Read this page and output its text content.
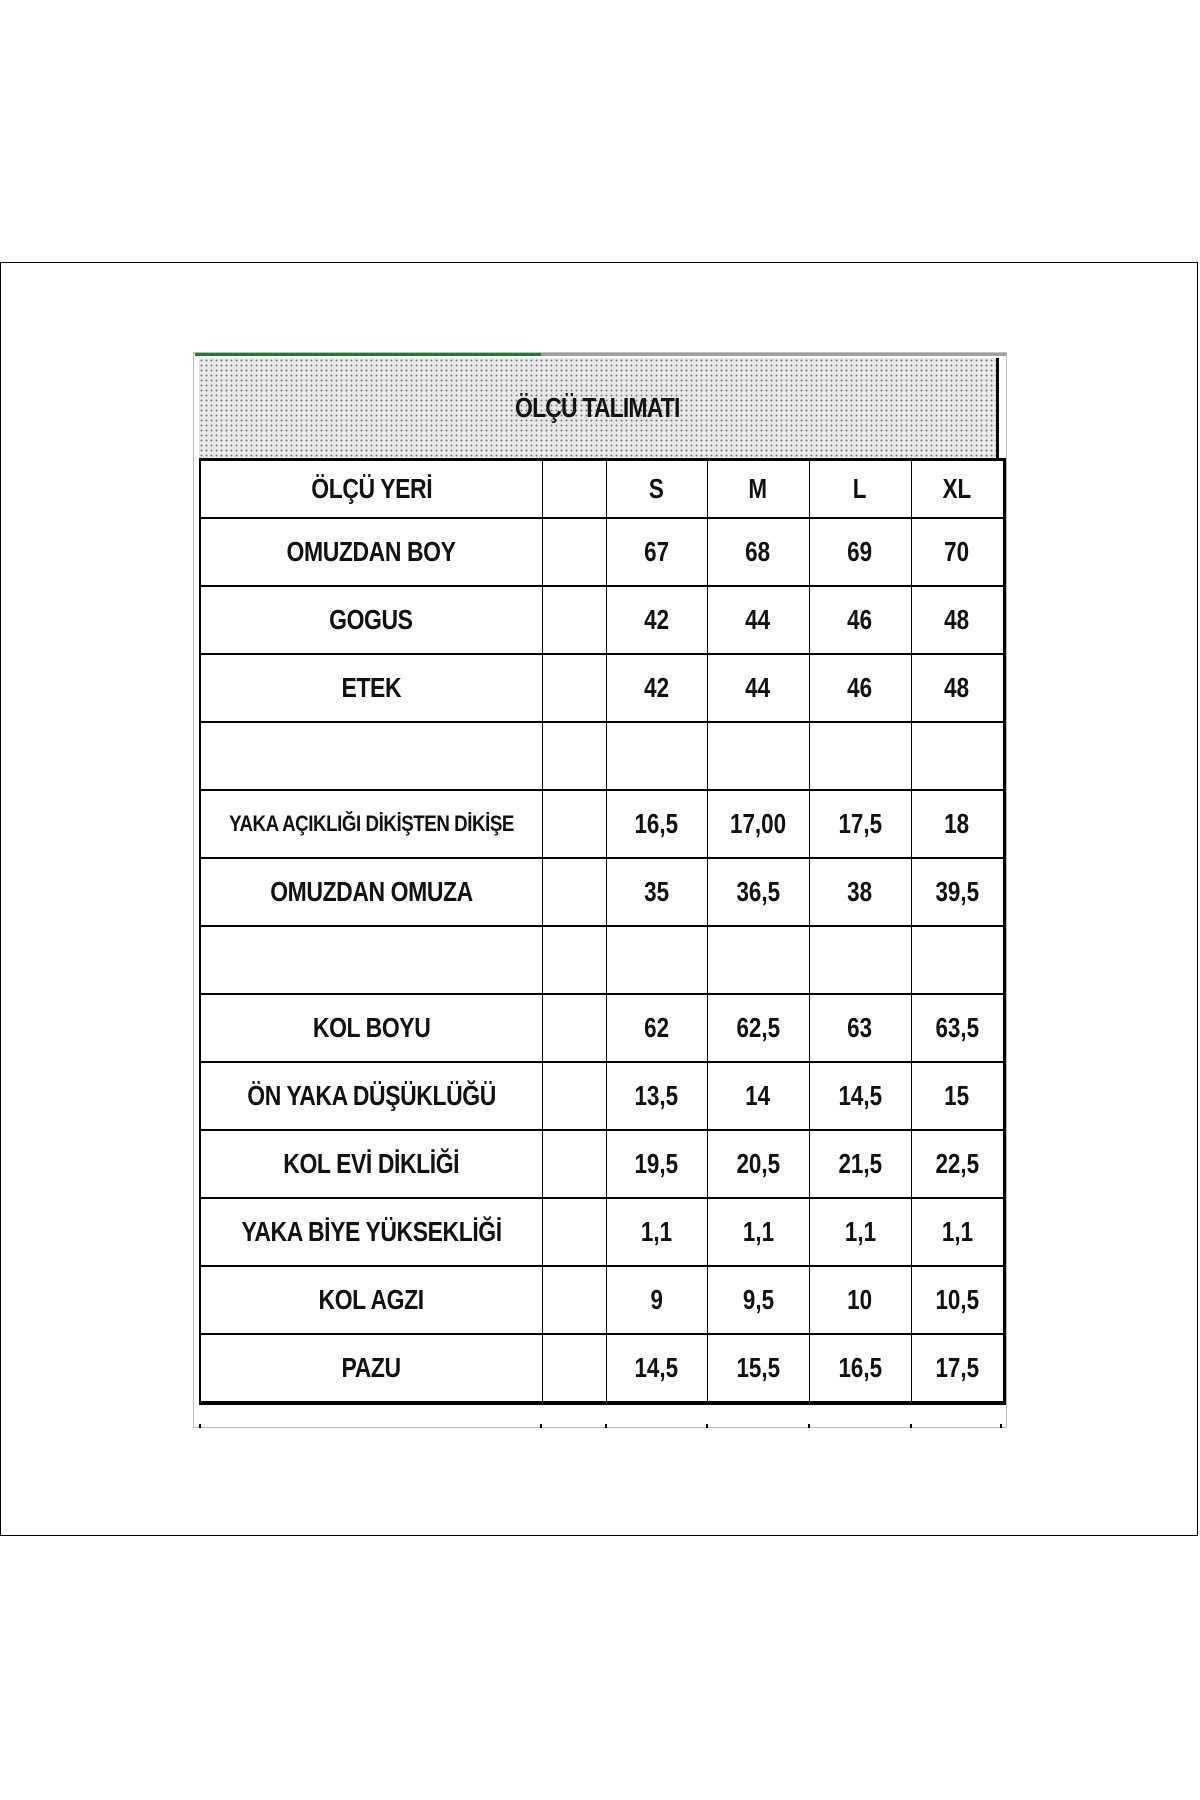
ÖLÇÜ TALIMATI
ÖLÇÜ YERİ		S	M	L	XL
OMUZDAN BOY		67	68	69	70
GOGUS		42	44	46	48
ETEK		42	44	46	48

YAKA AÇIKLIĞI DİKİŞTEN DİKİŞE		16,5	17,00	17,5	18
OMUZDAN OMUZA		35	36,5	38	39,5

KOL BOYU		62	62,5	63	63,5
ÖN YAKA DÜŞÜKLÜĞÜ		13,5	14	14,5	15
KOL EVİ DİKLİĞİ		19,5	20,5	21,5	22,5
YAKA BİYE YÜKSEKLİĞİ		1,1	1,1	1,1	1,1
KOL AGZI		9	9,5	10	10,5
PAZU		14,5	15,5	16,5	17,5
